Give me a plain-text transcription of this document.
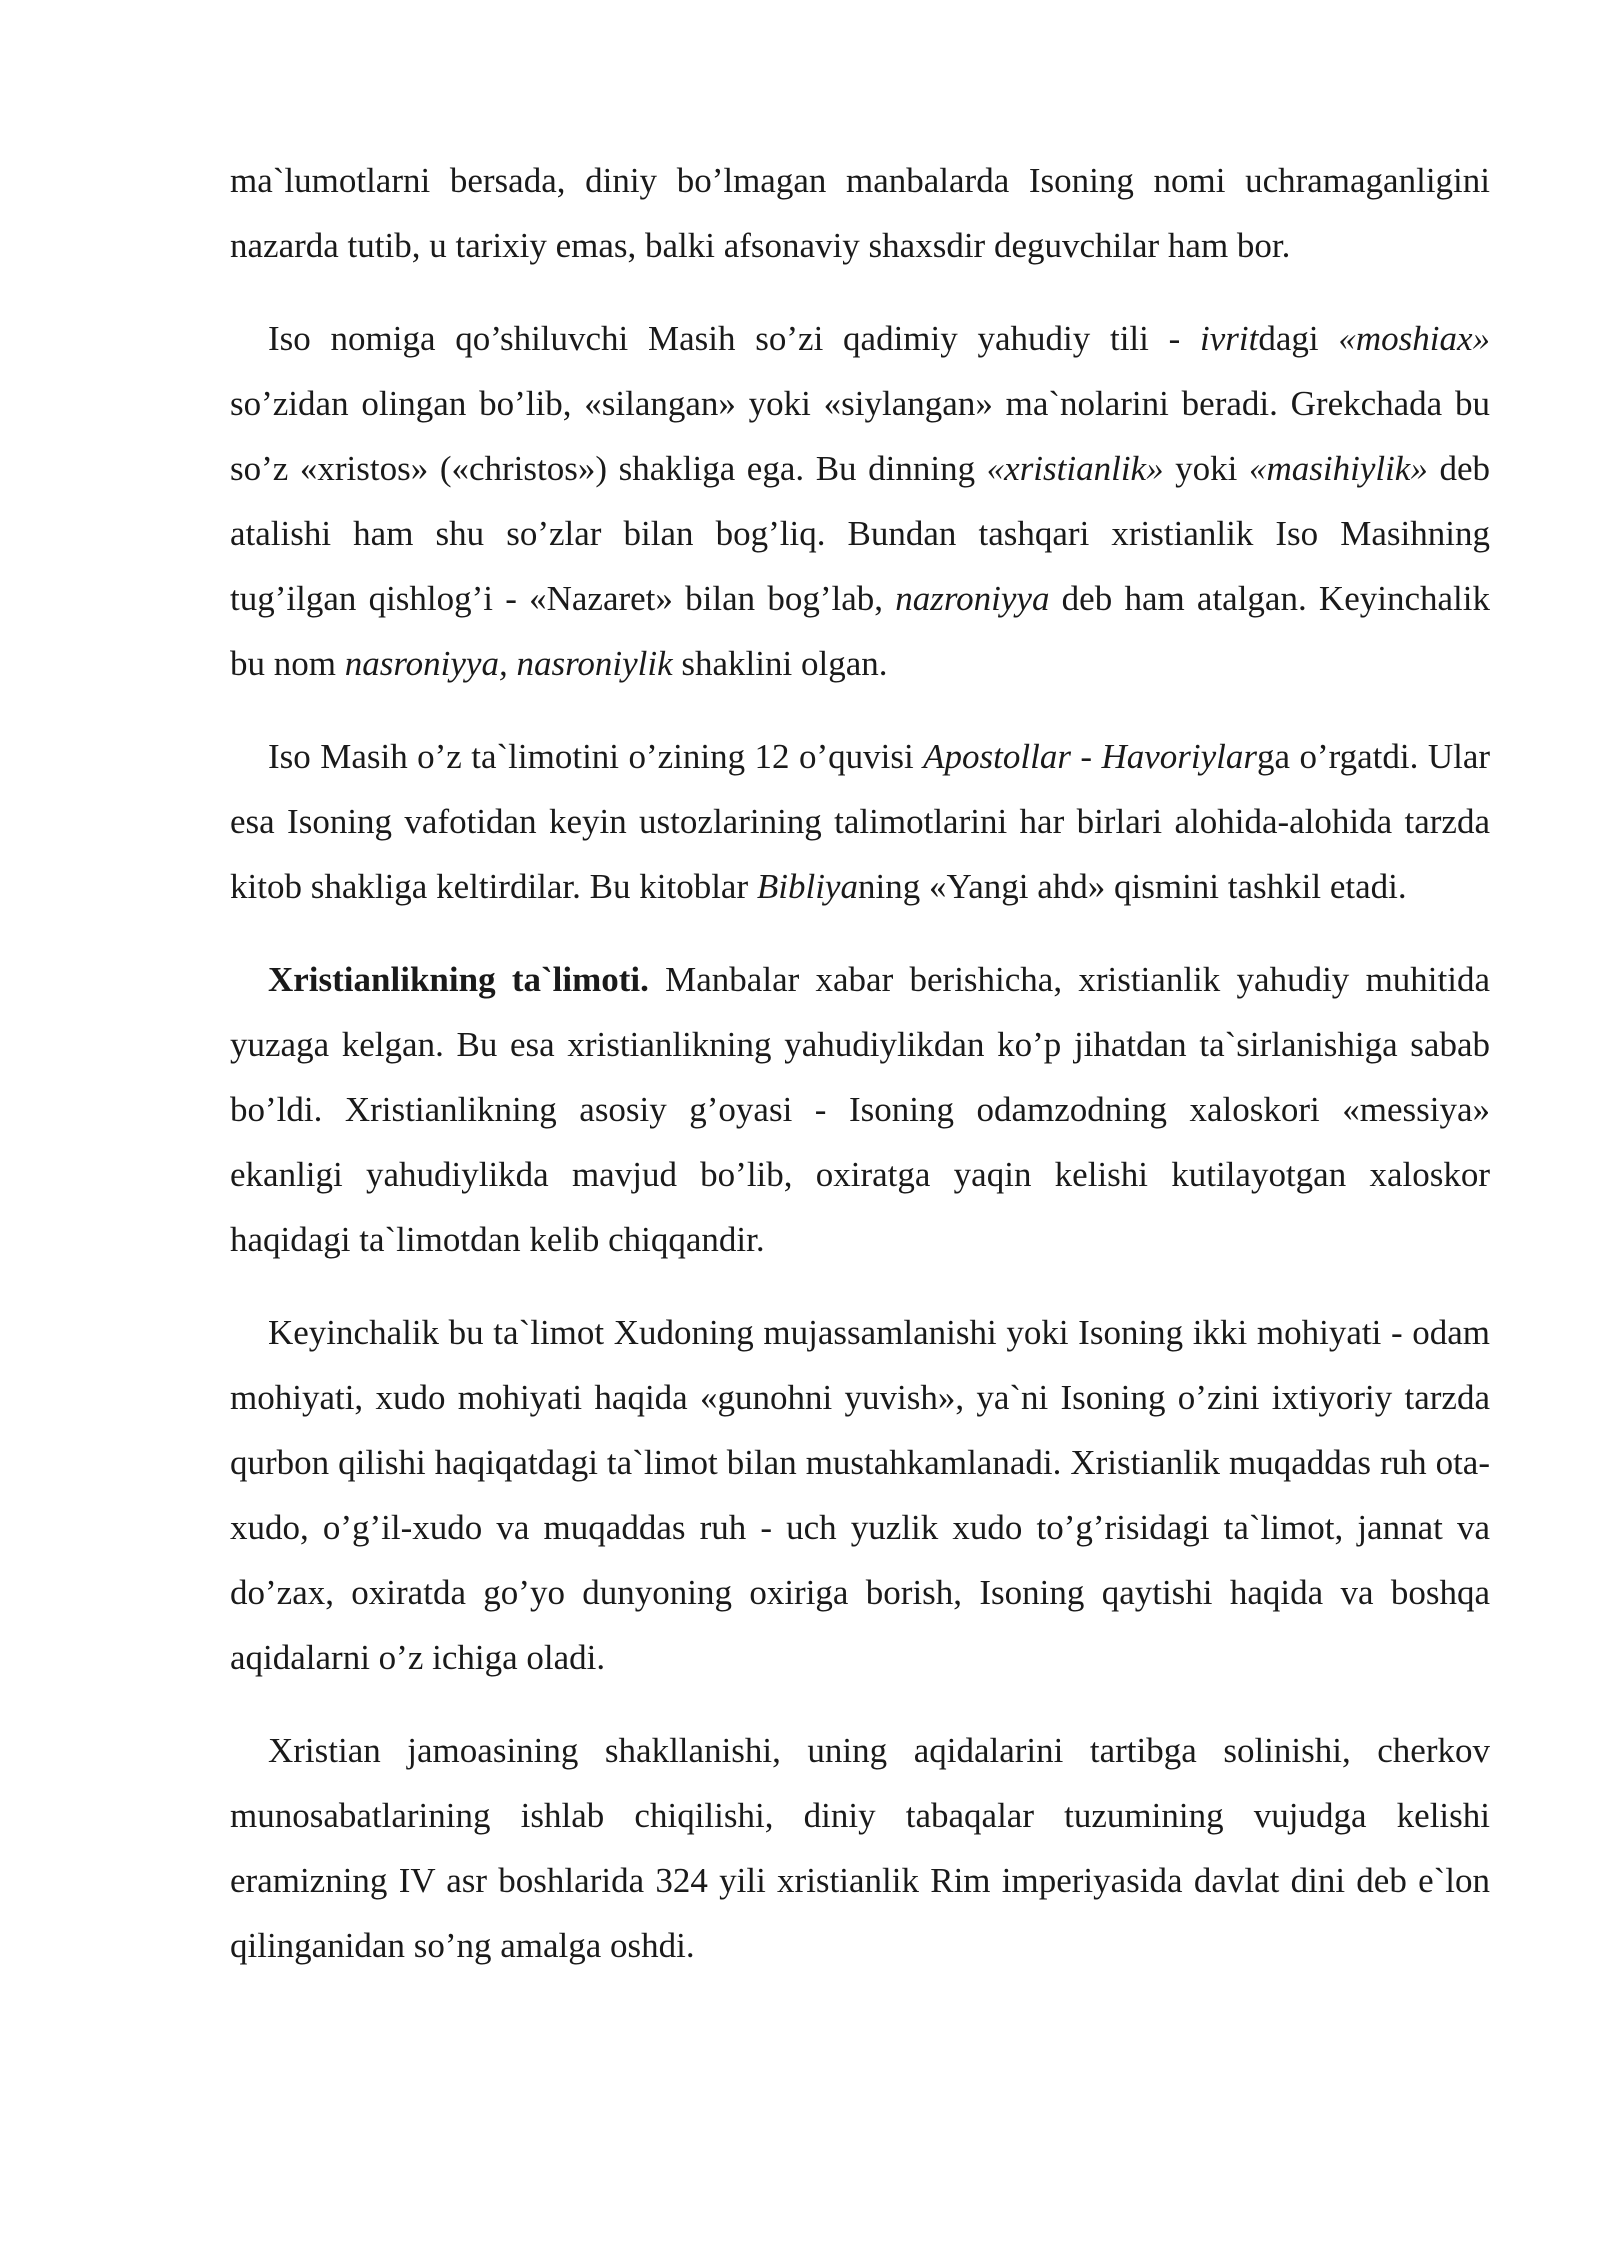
ma`lumotlarni bersada, diniy bo’lmagan manbalarda Isoning nomi uchramaganligini nazarda tutib, u tarixiy emas, balki afsonaviy shaxsdir deguvchilar ham bor.

Iso nomiga qo’shiluvchi Masih so’zi qadimiy yahudiy tili - ivritdagi «moshiax» so’zidan olingan bo’lib, «silangan» yoki «siylangan» ma`nolarini beradi. Grekchada bu so’z «xristos» («christos») shakliga ega. Bu dinning «xristianlik» yoki «masihiylik» deb atalishi ham shu so’zlar bilan bog’liq. Bundan tashqari xristianlik Iso Masihning tug’ilgan qishlog’i - «Nazaret» bilan bog’lab, nazroniyya deb ham atalgan. Keyinchalik bu nom nasroniyya, nasroniylik shaklini olgan.

Iso Masih o’z ta`limotini o’zining 12 o’quvisi Apostollar - Havoriylarga o’rgatdi. Ular esa Isoning vafotidan keyin ustozlarining talimotlarini har birlari alohida-alohida tarzda kitob shakliga keltirdilar. Bu kitoblar Bibliyaning «Yangi ahd» qismini tashkil etadi.

Xristianlikning ta`limoti. Manbalar xabar berishicha, xristianlik yahudiy muhitida yuzaga kelgan. Bu esa xristianlikning yahudiylikdan ko’p jihatdan ta`sirlanishiga sabab bo’ldi. Xristianlikning asosiy g’oyasi - Isoning odamzodning xaloskori «messiya» ekanligi yahudiylikda mavjud bo’lib, oxiratga yaqin kelishi kutilayotgan xaloskor haqidagi ta`limotdan kelib chiqqandir.

Keyinchalik bu ta`limot Xudoning mujassamlanishi yoki Isoning ikki mohiyati - odam mohiyati, xudo mohiyati haqida «gunohni yuvish», ya`ni Isoning o’zini ixtiyoriy tarzda qurbon qilishi haqiqatdagi ta`limot bilan mustahkamlanadi. Xristianlik muqaddas ruh ota-xudo, o’g’il-xudo va muqaddas ruh - uch yuzlik xudo to’g’risidagi ta`limot, jannat va do’zax, oxiratda go’yo dunyoning oxiriga borish, Isoning qaytishi haqida va boshqa aqidalarni o’z ichiga oladi.

Xristian jamoasining shakllanishi, uning aqidalarini tartibga solinishi, cherkov munosabatlarining ishlab chiqilishi, diniy tabaqalar tuzumining vujudga kelishi eramizning IV asr boshlarida 324 yili xristianlik Rim imperiyasida davlat dini deb e`lon qilinganidan so’ng amalga oshdi.
